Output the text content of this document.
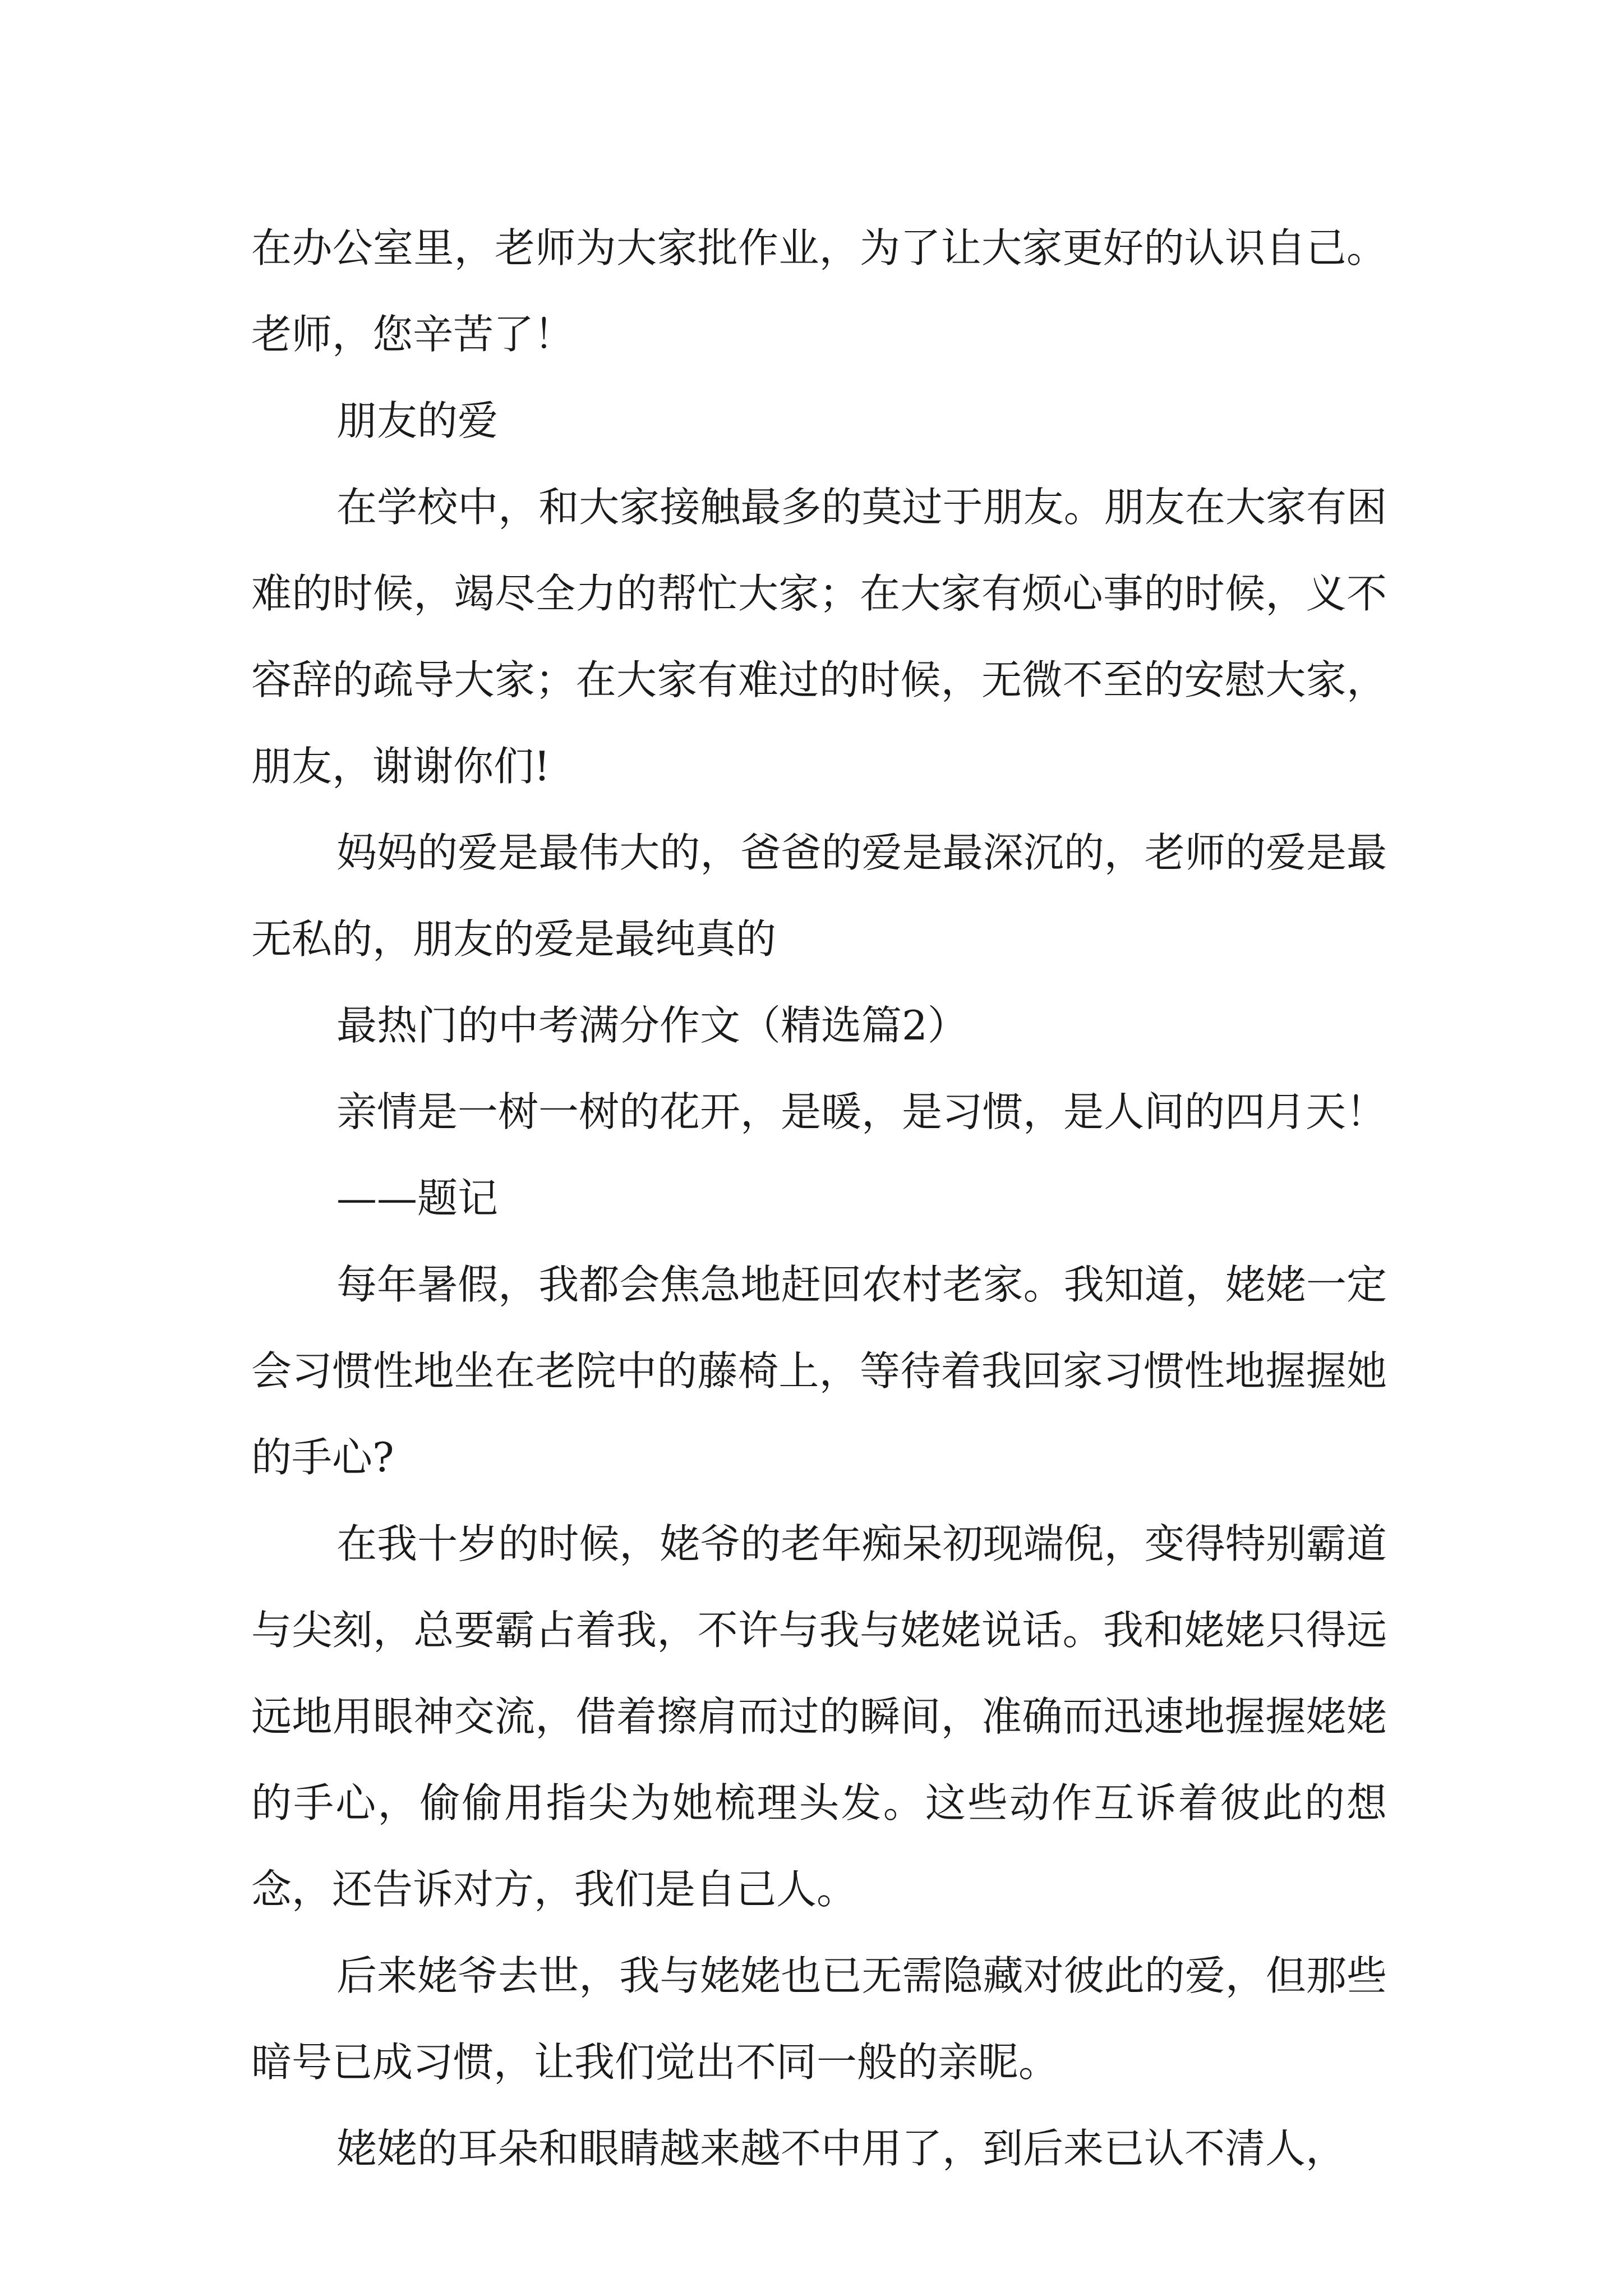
在办公室里，老师为大家批作业，为了让大家更好的认识自己。老师，您辛苦了！

朋友的爱

在学校中，和大家接触最多的莫过于朋友。朋友在大家有困难的时候，竭尽全力的帮忙大家；在大家有烦心事的时候，义不容辞的疏导大家；在大家有难过的时候，无微不至的安慰大家，朋友，谢谢你们!

妈妈的爱是最伟大的，爸爸的爱是最深沉的，老师的爱是最无私的，朋友的爱是最纯真的

最热门的中考满分作文（精选篇2）

亲情是一树一树的花开，是暖，是习惯，是人间的四月天！

——题记

每年暑假，我都会焦急地赶回农村老家。我知道，姥姥一定会习惯性地坐在老院中的藤椅上，等待着我回家习惯性地握握她的手心?

在我十岁的时候，姥爷的老年痴呆初现端倪，变得特别霸道与尖刻，总要霸占着我，不许与我与姥姥说话。我和姥姥只得远远地用眼神交流，借着擦肩而过的瞬间，准确而迅速地握握姥姥的手心，偷偷用指尖为她梳理头发。这些动作互诉着彼此的想念，还告诉对方，我们是自己人。

后来姥爷去世，我与姥姥也已无需隐藏对彼此的爱，但那些暗号已成习惯，让我们觉出不同一般的亲昵。

姥姥的耳朵和眼睛越来越不中用了，到后来已认不清人，
